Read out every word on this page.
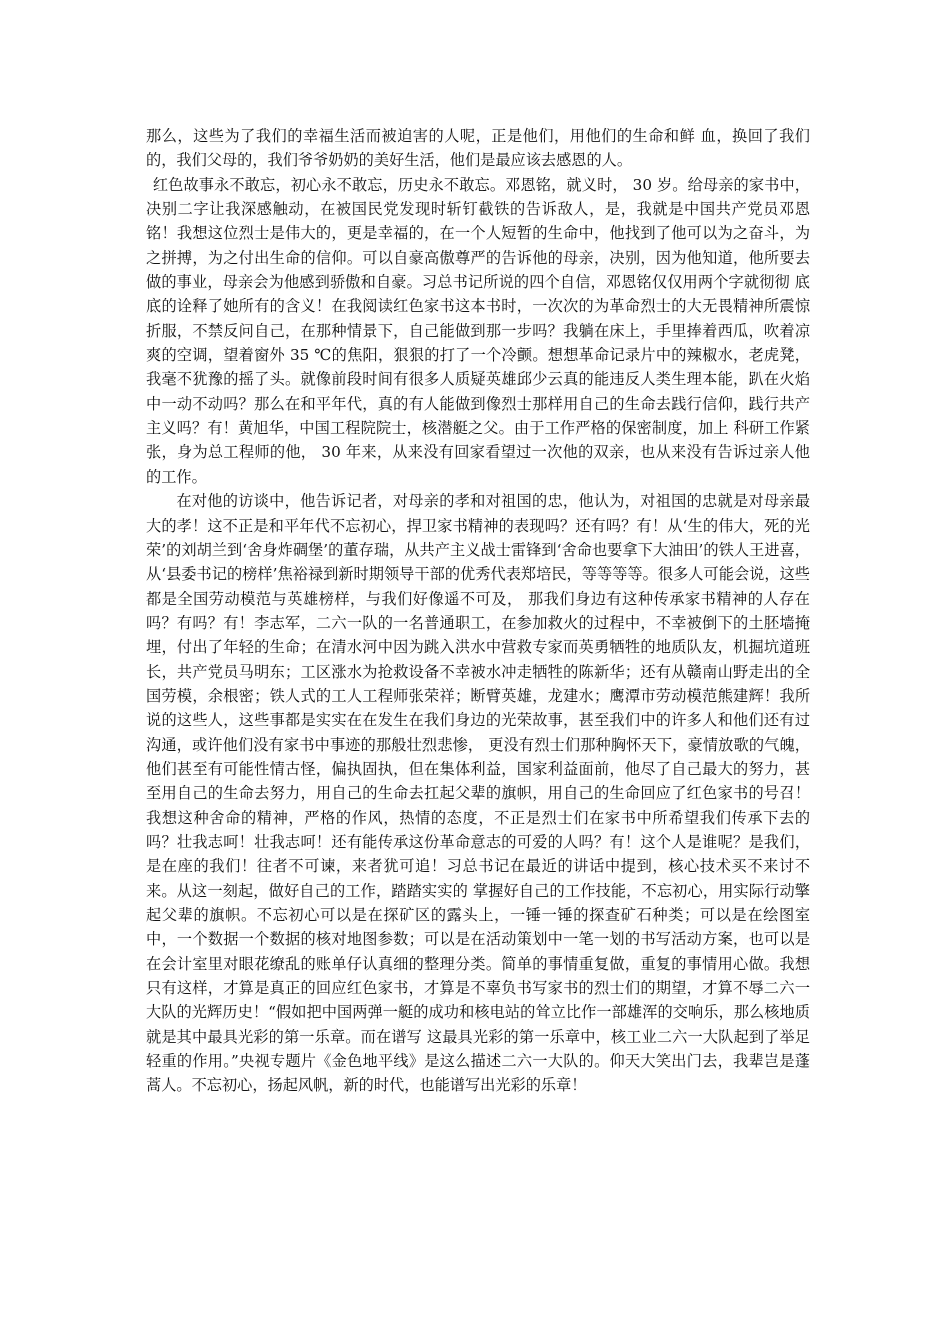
那么，这些为了我们的幸福生活而被迫害的人呢，正是他们，用他们的生命和鲜 血，换回了我们的，我们父母的，我们爷爷奶奶的美好生活，他们是最应该去感恩的人。

红色故事永不敢忘，初心永不敢忘，历史永不敢忘。邓恩铭，就义时， 30 岁。给母亲的家书中，决别二字让我深感触动，在被国民党发现时斩钉截铁的告诉敌人，是，我就是中国共产党员邓恩铭！我想这位烈士是伟大的，更是幸福的，在一个人短暂的生命中，他找到了他可以为之奋斗，为之拼搏，为之付出生命的信仰。可以自豪高傲尊严的告诉他的母亲，决别，因为他知道，他所要去做的事业，母亲会为他感到骄傲和自豪。习总书记所说的四个自信，邓恩铭仅仅用两个字就彻彻 底底的诠释了她所有的含义！在我阅读红色家书这本书时，一次次的为革命烈士的大无畏精神所震惊折服，不禁反问自己，在那种情景下，自己能做到那一步吗？我躺在床上，手里捧着西瓜，吹着凉爽的空调，望着窗外 35 ℃的焦阳，狠狠的打了一个冷颤。想想革命记录片中的辣椒水，老虎凳，我毫不犹豫的摇了头。就像前段时间有很多人质疑英雄邱少云真的能违反人类生理本能，趴在火焰中一动不动吗？那么在和平年代，真的有人能做到像烈士那样用自己的生命去践行信仰，践行共产主义吗？有！黄旭华，中国工程院院士，核潜艇之父。由于工作严格的保密制度，加上 科研工作紧张，身为总工程师的他， 30 年来，从来没有回家看望过一次他的双亲，也从来没有告诉过亲人他的工作。

在对他的访谈中，他告诉记者，对母亲的孝和对祖国的忠，他认为，对祖国的忠就是对母亲最大的孝！这不正是和平年代不忘初心，捍卫家书精神的表现吗？还有吗？有！从‘生的伟大，死的光荣’的刘胡兰到‘舍身炸碉堡’的董存瑞，从共产主义战士雷锋到‘舍命也要拿下大油田’的铁人王进喜，从‘县委书记的榜样’焦裕禄到新时期领导干部的优秀代表郑培民，等等等等。很多人可能会说，这些都是全国劳动模范与英雄榜样，与我们好像遥不可及， 那我们身边有这种传承家书精神的人存在吗？有吗？有！李志军，二六一队的一名普通职工，在参加救火的过程中，不幸被倒下的土胚墙掩埋，付出了年轻的生命；在清水河中因为跳入洪水中营救专家而英勇牺牲的地质队友，机掘坑道班长，共产党员马明东；工区涨水为抢救设备不幸被水冲走牺牲的陈新华；还有从赣南山野走出的全国劳模，余根密；铁人式的工人工程师张荣祥；断臂英雄，龙建水；鹰潭市劳动模范熊建辉！我所说的这些人，这些事都是实实在在发生在我们身边的光荣故事，甚至我们中的许多人和他们还有过沟通，或许他们没有家书中事迹的那般壮烈悲惨， 更没有烈士们那种胸怀天下，豪情放歌的气魄，他们甚至有可能性情古怪，偏执固执，但在集体利益，国家利益面前，他尽了自己最大的努力，甚至用自己的生命去努力，用自己的生命去扛起父辈的旗帜，用自己的生命回应了红色家书的号召！我想这种舍命的精神，严格的作风，热情的态度，不正是烈士们在家书中所希望我们传承下去的吗？壮我志呵！壮我志呵！还有能传承这份革命意志的可爱的人吗？有！这个人是谁呢？是我们，是在座的我们！往者不可谏，来者犹可追！习总书记在最近的讲话中提到，核心技术买不来讨不来。从这一刻起，做好自己的工作，踏踏实实的 掌握好自己的工作技能，不忘初心，用实际行动擎起父辈的旗帜。不忘初心可以是在探矿区的露头上，一锤一锤的探查矿石种类；可以是在绘图室中，一个数据一个数据的核对地图参数；可以是在活动策划中一笔一划的书写活动方案，也可以是在会计室里对眼花缭乱的账单仔认真细的整理分类。简单的事情重复做，重复的事情用心做。我想只有这样，才算是真正的回应红色家书，才算是不辜负书写家书的烈士们的期望，才算不辱二六一大队的光辉历史！“假如把中国两弹一艇的成功和核电站的耸立比作一部雄浑的交响乐，那么核地质就是其中最具光彩的第一乐章。而在谱写 这最具光彩的第一乐章中，核工业二六一大队起到了举足轻重的作用。”央视专题片《金色地平线》是这么描述二六一大队的。仰天大笑出门去，我辈岂是蓬蒿人。不忘初心，扬起风帆，新的时代，也能谱写出光彩的乐章！
